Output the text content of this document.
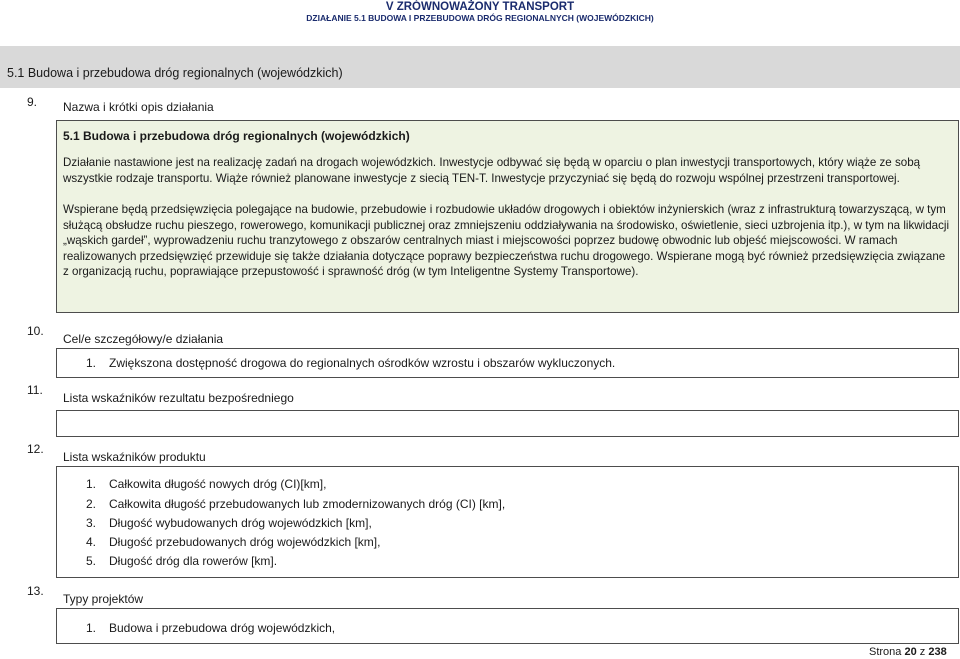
V ZRÓWNOWAŻONY TRANSPORT
DZIAŁANIE 5.1 BUDOWA I PRZEBUDOWA DRÓG REGIONALNYCH (WOJEWÓDZKICH)
5.1 Budowa i przebudowa dróg regionalnych (wojewódzkich)
9. Nazwa i krótki opis działania
5.1 Budowa i przebudowa dróg regionalnych (wojewódzkich)
Działanie nastawione jest na realizację zadań na drogach wojewódzkich. Inwestycje odbywać się będą w oparciu o plan inwestycji transportowych, który wiąże ze sobą wszystkie rodzaje transportu. Wiąże również planowane inwestycje z siecią TEN-T. Inwestycje przyczyniać się będą do rozwoju wspólnej przestrzeni transportowej.
Wspierane będą przedsięwzięcia polegające na budowie, przebudowie i rozbudowie układów drogowych i obiektów inżynierskich (wraz z infrastrukturą towarzyszącą, w tym służącą obsłudze ruchu pieszego, rowerowego, komunikacji publicznej oraz zmniejszeniu oddziaływania na środowisko, oświetlenie, sieci uzbrojenia itp.), w tym na likwidacji „wąskich gardeł”, wyprowadzeniu ruchu tranzytowego z obszarów centralnych miast i miejscowości poprzez budowę obwodnic lub objeść miejscowości. W ramach realizowanych przedsięwzięć przewiduje się także działania dotyczące poprawy bezpieczeństwa ruchu drogowego. Wspierane mogą być również przedsięwzięcia związane z organizacją ruchu, poprawiające przepustowość i sprawność dróg (w tym Inteligentne Systemy Transportowe).
10.
Cel/e szczegółowy/e działania
1. Zwiększona dostępność drogowa do regionalnych ośrodków wzrostu i obszarów wykluczonych.
11.
Lista wskaźników rezultatu bezpośredniego
12.
Lista wskaźników produktu
1. Całkowita długość nowych dróg (CI)[km],
2. Całkowita długość przebudowanych lub zmodernizowanych dróg (CI) [km],
3. Długość wybudowanych dróg wojewódzkich [km],
4. Długość przebudowanych dróg wojewódzkich [km],
5. Długość dróg dla rowerów [km].
13.
Typy projektów
1. Budowa i przebudowa dróg wojewódzkich,
Strona 20 z 238
